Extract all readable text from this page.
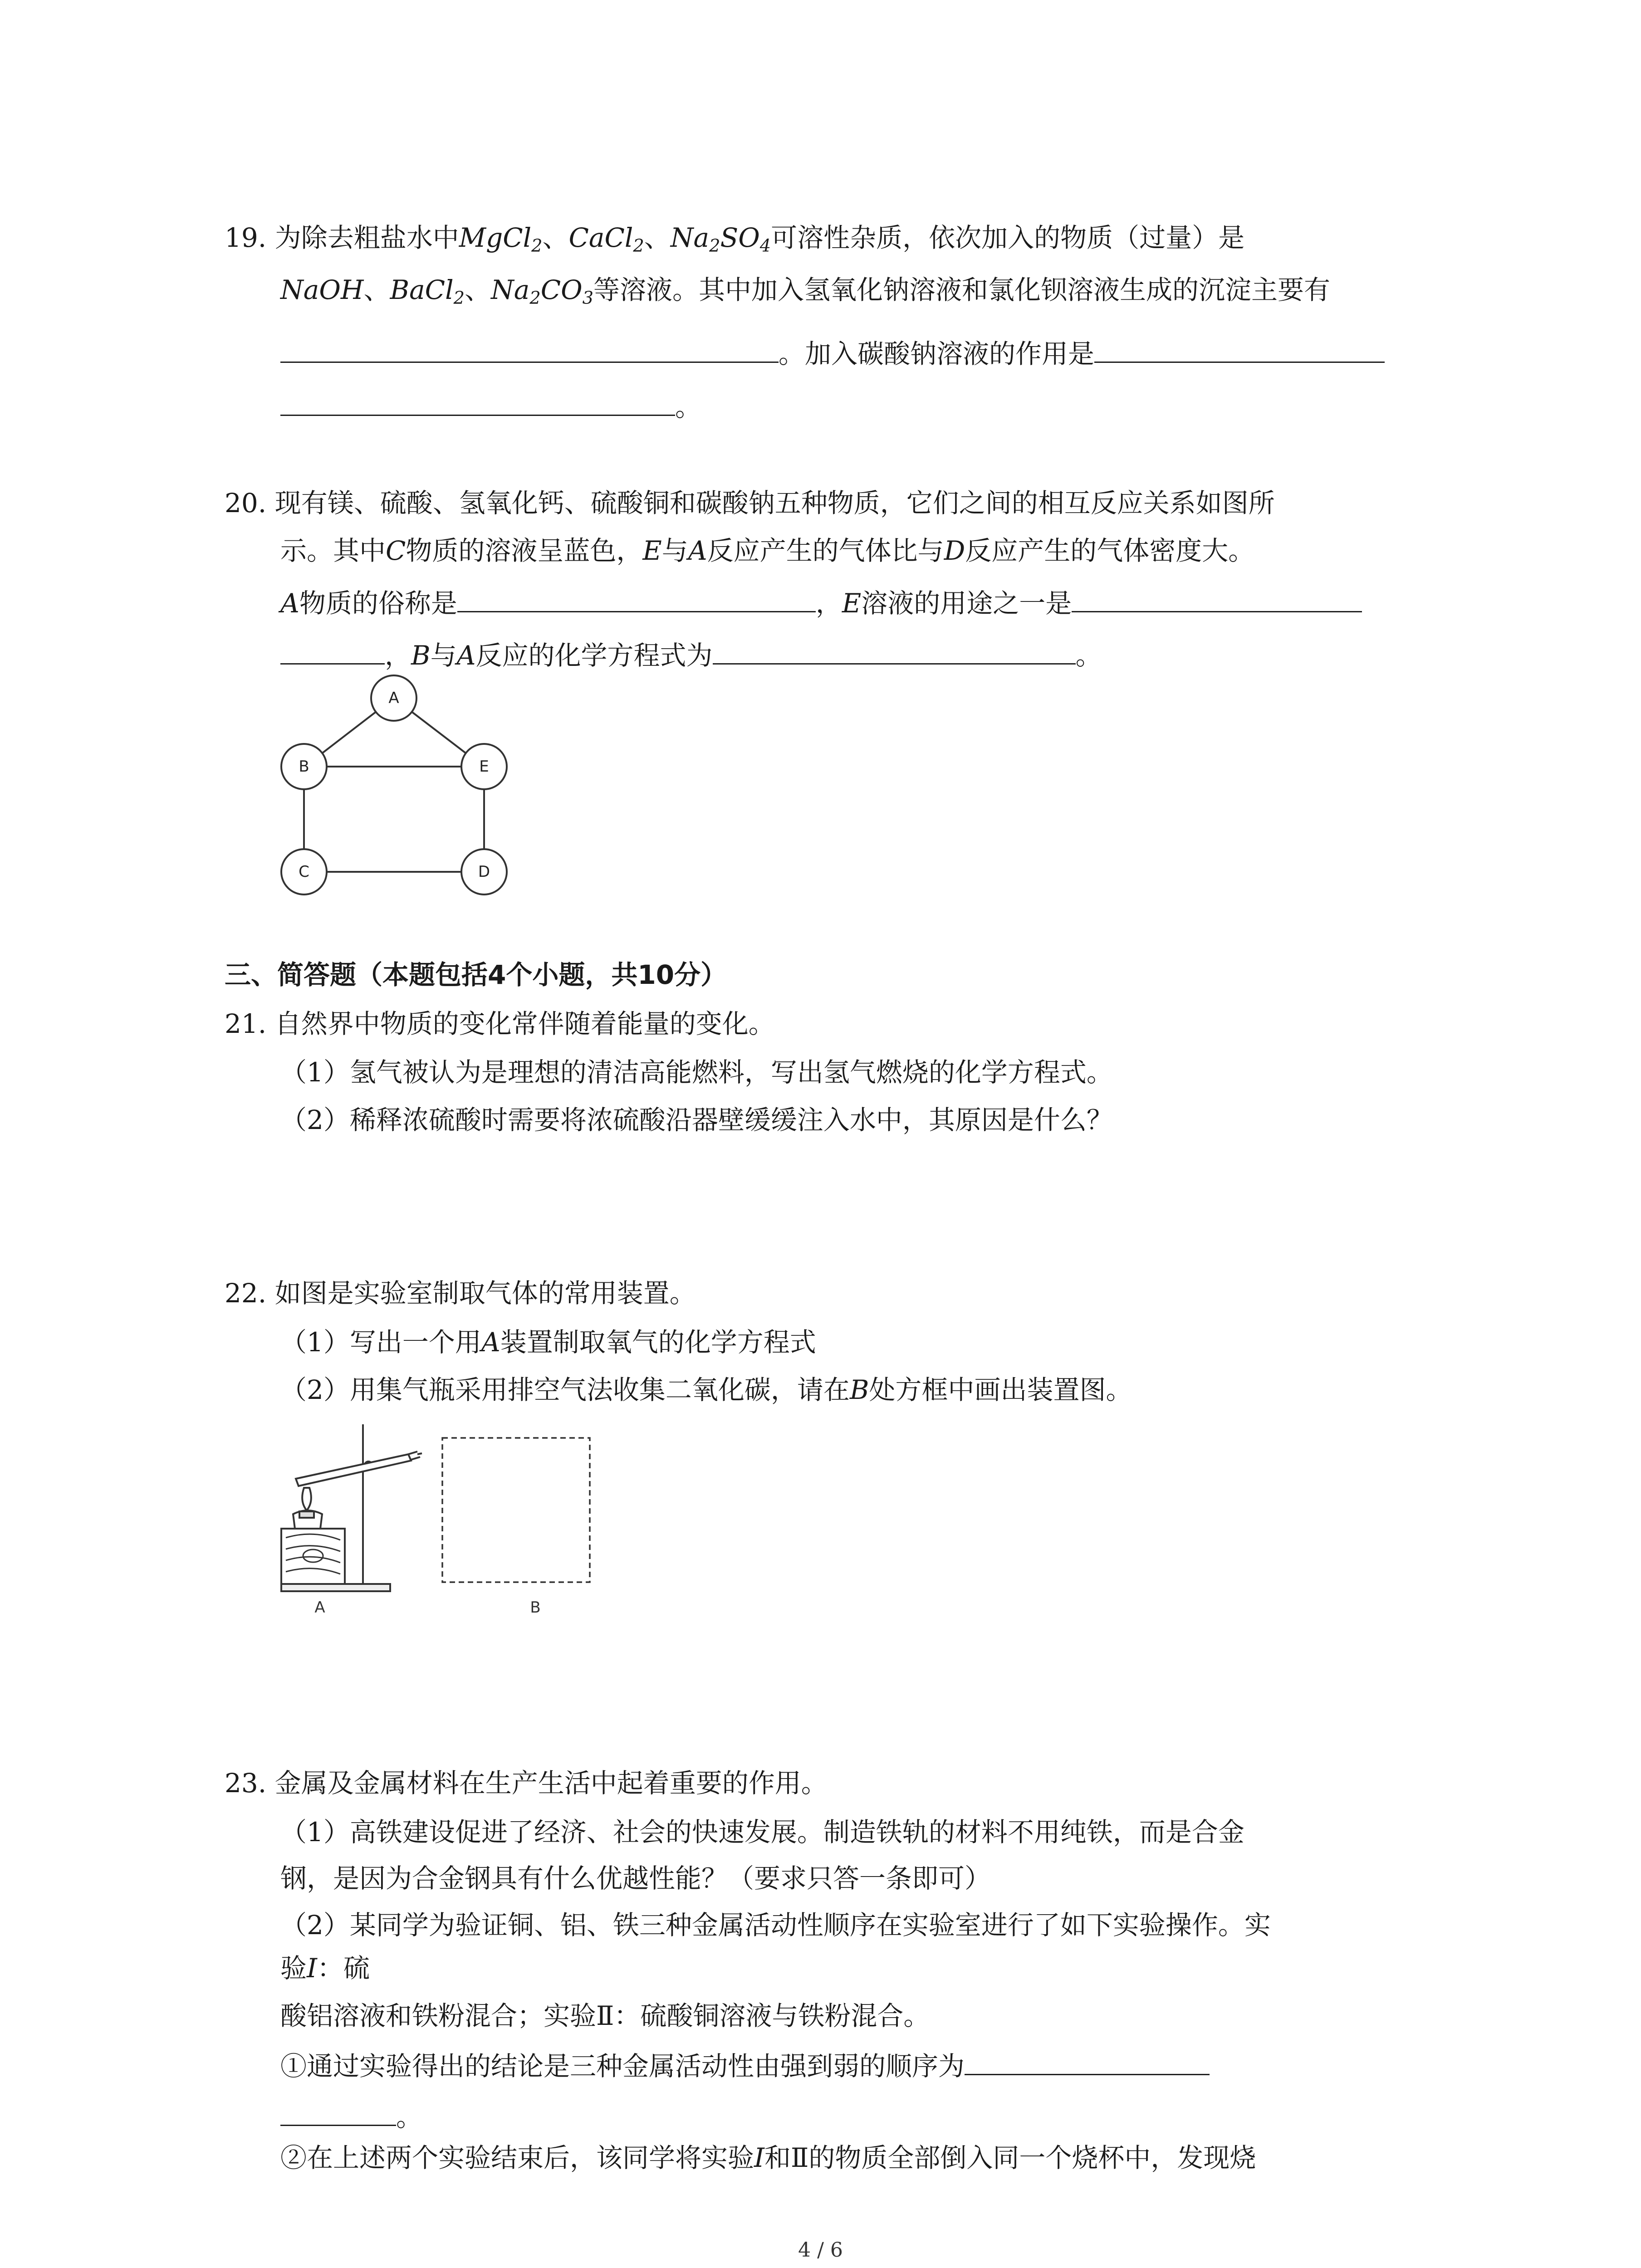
19. 为除去粗盐水中MgCl$_2$、CaCl$_2$、$Na_2SO_4$可溶性杂质，依次加入的物质（过量）是
NaOH、BaCl$_2$、$Na_2CO_3$等溶液。其中加入氢氧化钠溶液和氯化钡溶液生成的沉淀主要有
。加入碳酸钠溶液的作用是
。
20. 现有镁、硫酸、氢氧化钙、硫酸铜和碳酸钠五种物质，它们之间的相互反应关系如图所
示。其中C物质的溶液呈蓝色，E与A反应产生的气体比与D反应产生的气体密度大。
A物质的俗称是	，E溶液的用途之一是
，B与A反应的化学方程式为	。
A
B	E
C	D
三、简答题（本题包括4个小题，共10分）
21. 自然界中物质的变化常伴随着能量的变化。
（1）氢气被认为是理想的清洁高能燃料，写出氢气燃烧的化学方程式。
（2）稀释浓硫酸时需要将浓硫酸沿器壁缓缓注入水中，其原因是什么？
22. 如图是实验室制取气体的常用装置。
（1）写出一个用A装置制取氧气的化学方程式
（2）用集气瓶采用排空气法收集二氧化碳，请在B处方框中画出装置图。
A	B
23. 金属及金属材料在生产生活中起着重要的作用。
（1）高铁建设促进了经济、社会的快速发展。制造铁轨的材料不用纯铁，而是合金
钢，是因为合金钢具有什么优越性能？（要求只答一条即可）
（2）某同学为验证铜、铝、铁三种金属活动性顺序在实验室进行了如下实验操作。实
验I：硫
酸铝溶液和铁粉混合；实验Ⅱ：硫酸铜溶液与铁粉混合。
①通过实验得出的结论是三种金属活动性由强到弱的顺序为
。
②在上述两个实验结束后，该同学将实验I和Ⅱ的物质全部倒入同一个烧杯中，发现烧
4 / 6
